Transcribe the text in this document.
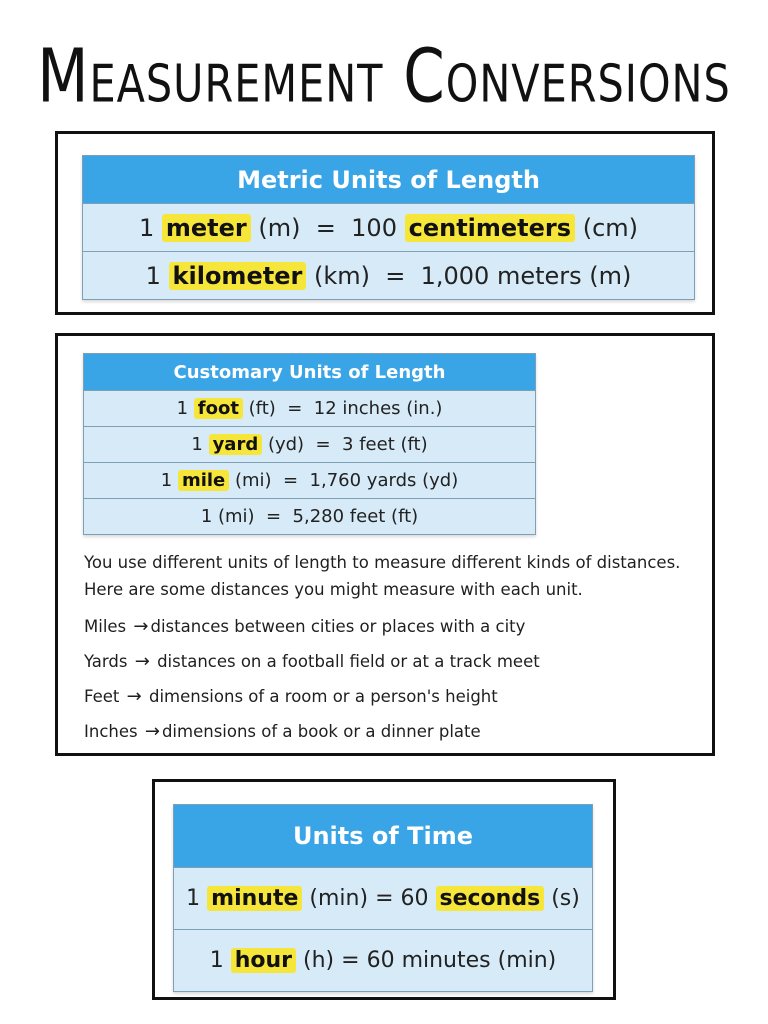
Measurement Conversions
Metric Units of Length
1 meter (m) = 100 centimeters (cm)
1 kilometer (km) = 1,000 meters (m)
Customary Units of Length
1 foot (ft)  =  12 inches (in.)
1 yard (yd)  =  3 feet (ft)
1 mile (mi)  =  1,760 yards (yd)
1 (mi)  =  5,280 feet (ft)
You use different units of length to measure different kinds of distances. Here are some distances you might measure with each unit.
Miles → distances between cities or places with a city
Yards → distances on a football field or at a track meet
Feet → dimensions of a room or a person's height
Inches → dimensions of a book or a dinner plate
Units of Time
1 minute (min) = 60 seconds (s)
1 hour (h) = 60 minutes (min)
